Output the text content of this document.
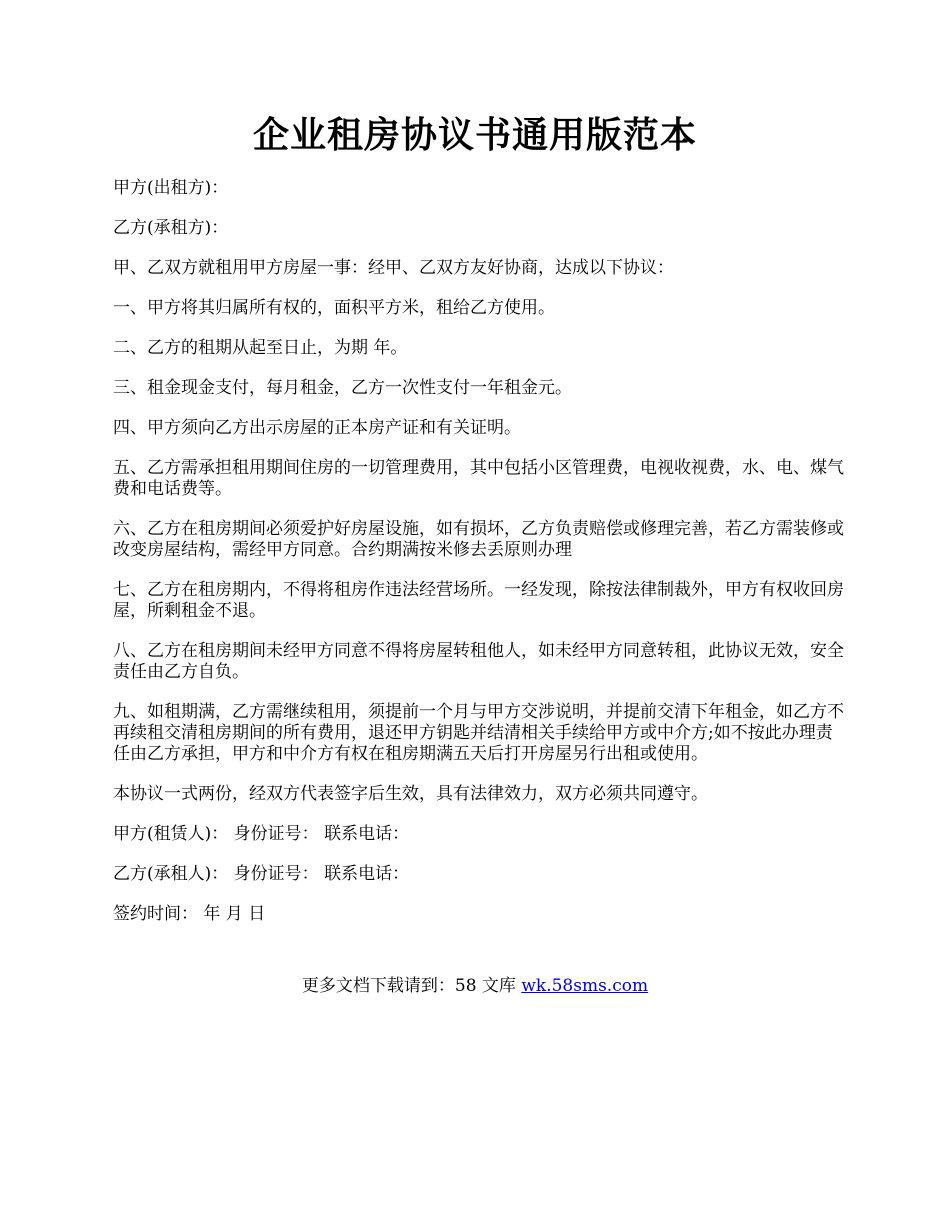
企业租房协议书通用版范本

甲方(出租方)：

乙方(承租方)：

甲、乙双方就租用甲方房屋一事：经甲、乙双方友好协商，达成以下协议：

一、甲方将其归属所有权的，面积平方米，租给乙方使用。

二、乙方的租期从起至日止，为期 年。

三、租金现金支付，每月租金，乙方一次性支付一年租金元。

四、甲方须向乙方出示房屋的正本房产证和有关证明。

五、乙方需承担租用期间住房的一切管理费用，其中包括小区管理费，电视收视费，水、电、煤气费和电话费等。

六、乙方在租房期间必须爱护好房屋设施，如有损坏，乙方负责赔偿或修理完善，若乙方需装修或改变房屋结构，需经甲方同意。合约期满按米修去丢原则办理

七、乙方在租房期内，不得将租房作违法经营场所。一经发现，除按法律制裁外，甲方有权收回房屋，所剩租金不退。

八、乙方在租房期间未经甲方同意不得将房屋转租他人，如未经甲方同意转租，此协议无效，安全责任由乙方自负。

九、如租期满，乙方需继续租用，须提前一个月与甲方交涉说明，并提前交清下年租金，如乙方不再续租交清租房期间的所有费用，退还甲方钥匙并结清相关手续给甲方或中介方;如不按此办理责任由乙方承担，甲方和中介方有权在租房期满五天后打开房屋另行出租或使用。

本协议一式两份，经双方代表签字后生效，具有法律效力，双方必须共同遵守。

甲方(租赁人)： 身份证号： 联系电话：

乙方(承租人)： 身份证号： 联系电话：

签约时间： 年 月 日

更多文档下载请到：58 文库 wk.58sms.com
